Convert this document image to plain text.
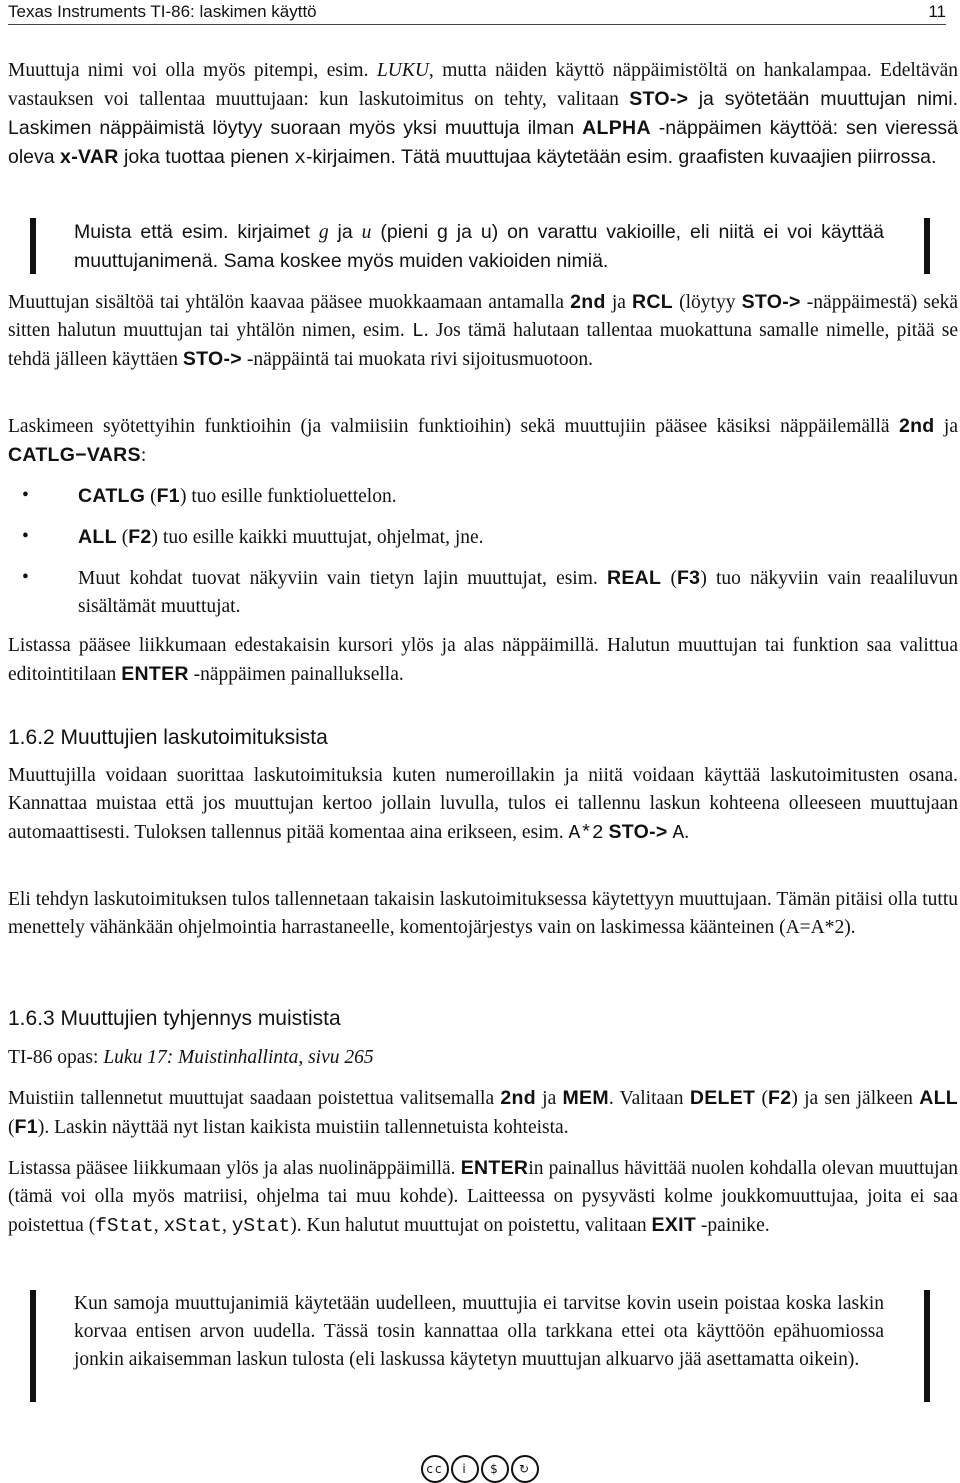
Texas Instruments TI-86: laskimen käyttö	11

Muuttuja nimi voi olla myös pitempi, esim. LUKU, mutta näiden käyttö näppäimistöltä on hankalampaa. Edeltävän vastauksen voi tallentaa muuttujaan: kun laskutoimitus on tehty, valitaan STO-> ja syötetään muuttujan nimi. Laskimen näppäimistä löytyy suoraan myös yksi muuttuja ilman ALPHA -näppäimen käyttöä: sen vieressä oleva x-VAR joka tuottaa pienen x-kirjaimen. Tätä muuttujaa käytetään esim. graafisten kuvaajien piirrossa.

Muista että esim. kirjaimet g ja u (pieni g ja u) on varattu vakioille, eli niitä ei voi käyttää muuttujanimenä. Sama koskee myös muiden vakioiden nimiä.

Muuttujan sisältöä tai yhtälön kaavaa pääsee muokkaamaan antamalla 2nd ja RCL (löytyy STO-> -näppäimestä) sekä sitten halutun muuttujan tai yhtälön nimen, esim. L. Jos tämä halutaan tallentaa muokattuna samalle nimelle, pitää se tehdä jälleen käyttäen STO-> -näppäintä tai muokata rivi sijoitusmuotoon.

Laskimeen syötettyihin funktioihin (ja valmiisiin funktioihin) sekä muuttujiin pääsee käsiksi näppäilemällä 2nd ja CATLG−VARS:

•	CATLG (F1) tuo esille funktioluettelon.
•	ALL (F2) tuo esille kaikki muuttujat, ohjelmat, jne.
•	Muut kohdat tuovat näkyviin vain tietyn lajin muuttujat, esim. REAL (F3) tuo näkyviin vain reaaliluvun sisältämät muuttujat.

Listassa pääsee liikkumaan edestakaisin kursori ylös ja alas näppäimillä. Halutun muuttujan tai funktion saa valittua editointitilaan ENTER -näppäimen painalluksella.

1.6.2 Muuttujien laskutoimituksista

Muuttujilla voidaan suorittaa laskutoimituksia kuten numeroillakin ja niitä voidaan käyttää laskutoimitusten osana. Kannattaa muistaa että jos muuttujan kertoo jollain luvulla, tulos ei tallennu laskun kohteena olleeseen muuttujaan automaattisesti. Tuloksen tallennus pitää komentaa aina erikseen, esim. A*2 STO-> A.

Eli tehdyn laskutoimituksen tulos tallennetaan takaisin laskutoimituksessa käytettyyn muuttujaan. Tämän pitäisi olla tuttu menettely vähänkään ohjelmointia harrastaneelle, komentojärjestys vain on laskimessa käänteinen (A=A*2).

1.6.3 Muuttujien tyhjennys muistista

TI-86 opas: Luku 17: Muistinhallinta, sivu 265

Muistiin tallennetut muuttujat saadaan poistettua valitsemalla 2nd ja MEM. Valitaan DELET (F2) ja sen jälkeen ALL (F1). Laskin näyttää nyt listan kaikista muistiin tallennetuista kohteista.

Listassa pääsee liikkumaan ylös ja alas nuolinäppäimillä. ENTERin painallus hävittää nuolen kohdalla olevan muuttujan (tämä voi olla myös matriisi, ohjelma tai muu kohde). Laitteessa on pysyvästi kolme joukkomuuttujaa, joita ei saa poistettua (fStat, xStat, yStat). Kun halutut muuttujat on poistettu, valitaan EXIT -painike.

Kun samoja muuttujanimiä käytetään uudelleen, muuttujia ei tarvitse kovin usein poistaa koska laskin korvaa entisen arvon uudella. Tässä tosin kannattaa olla tarkkana ettei ota käyttöön epähuomiossa jonkin aikaisemman laskun tulosta (eli laskussa käytetyn muuttujan alkuarvo jää asettamatta oikein).

cc i $ ↻
